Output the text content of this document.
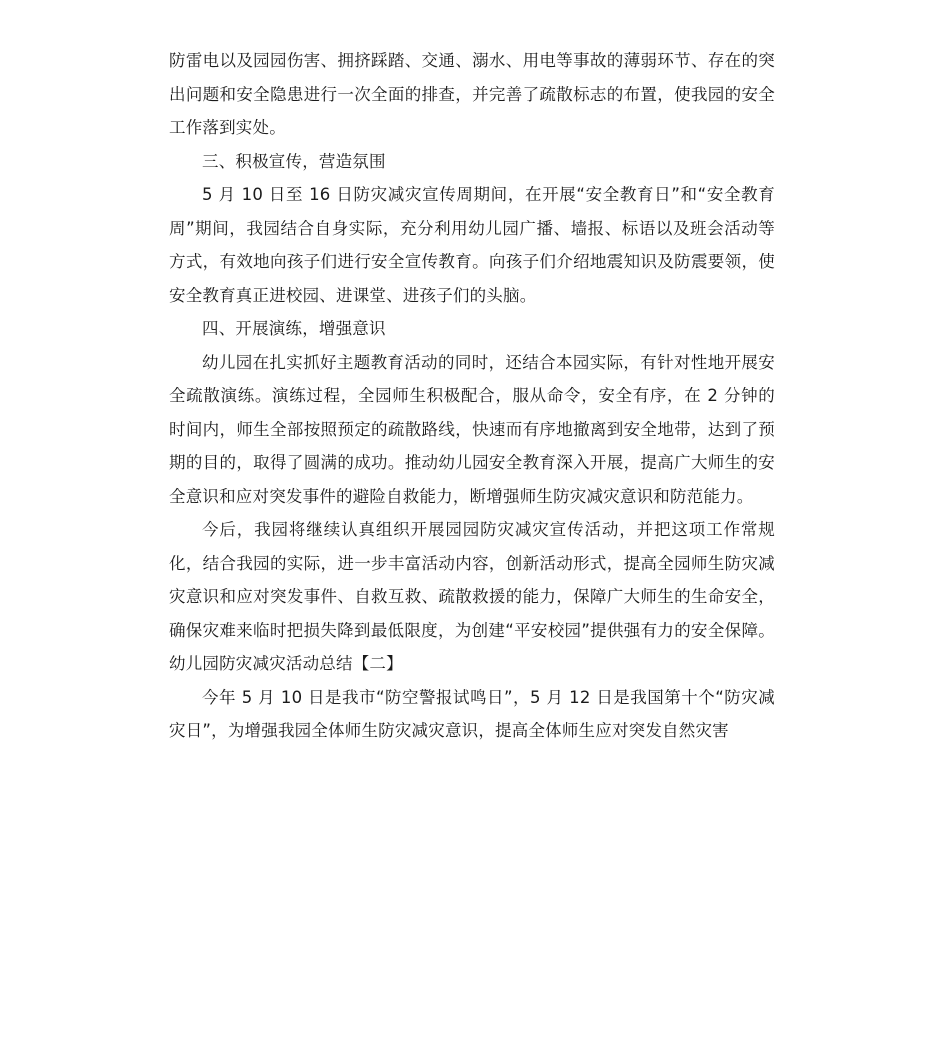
防雷电以及园园伤害、拥挤踩踏、交通、溺水、用电等事故的薄弱环节、存在的突出问题和安全隐患进行一次全面的排查，并完善了疏散标志的布置，使我园的安全工作落到实处。

三、积极宣传，营造氛围

5 月 10 日至 16 日防灾减灾宣传周期间，在开展“安全教育日”和“安全教育周”期间，我园结合自身实际，充分利用幼儿园广播、墙报、标语以及班会活动等方式，有效地向孩子们进行安全宣传教育。向孩子们介绍地震知识及防震要领，使安全教育真正进校园、进课堂、进孩子们的头脑。

四、开展演练，增强意识

幼儿园在扎实抓好主题教育活动的同时，还结合本园实际，有针对性地开展安全疏散演练。演练过程，全园师生积极配合，服从命令，安全有序，在 2 分钟的时间内，师生全部按照预定的疏散路线，快速而有序地撤离到安全地带，达到了预期的目的，取得了圆满的成功。推动幼儿园安全教育深入开展，提高广大师生的安全意识和应对突发事件的避险自救能力，断增强师生防灾减灾意识和防范能力。

今后，我园将继续认真组织开展园园防灾减灾宣传活动，并把这项工作常规化，结合我园的实际，进一步丰富活动内容，创新活动形式，提高全园师生防灾减灾意识和应对突发事件、自救互救、疏散救援的能力，保障广大师生的生命安全，确保灾难来临时把损失降到最低限度，为创建“平安校园”提供强有力的安全保障。幼儿园防灾减灾活动总结【二】

今年 5 月 10 日是我市“防空警报试鸣日”，5 月 12 日是我国第十个“防灾减灾日”，为增强我园全体师生防灾减灾意识，提高全体师生应对突发自然灾害
